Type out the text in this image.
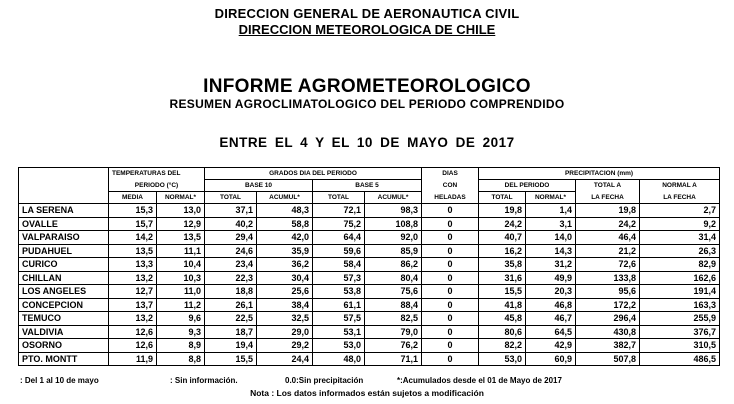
DIRECCION GENERAL DE AERONAUTICA CIVIL
DIRECCION METEOROLOGICA DE CHILE
INFORME AGROMETEOROLOGICO
RESUMEN AGROCLIMATOLOGICO DEL PERIODO COMPRENDIDO
ENTRE EL 4 Y EL 10 DE MAYO DE 2017
	TEMPERATURAS DEL		GRADOS DIA DEL PERIODO				DIAS	PRECIPITACION (mm)			
	PERIODO (°C)		BASE 10		BASE 5		CON	DEL PERIODO		TOTAL A	NORMAL A
	MEDIA	NORMAL*	TOTAL	ACUMUL*	TOTAL	ACUMUL*	HELADAS	TOTAL	NORMAL*	LA FECHA	LA FECHA
LA SERENA	15,3	13,0	37,1	48,3	72,1	98,3	0	19,8	1,4	19,8	2,7
OVALLE	15,7	12,9	40,2	58,8	75,2	108,8	0	24,2	3,1	24,2	9,2
VALPARAISO	14,2	13,5	29,4	42,0	64,4	92,0	0	40,7	14,0	46,4	31,4
PUDAHUEL	13,5	11,1	24,6	35,9	59,6	85,9	0	16,2	14,3	21,2	26,3
CURICO	13,3	10,4	23,4	36,2	58,4	86,2	0	35,8	31,2	72,6	82,9
CHILLAN	13,2	10,3	22,3	30,4	57,3	80,4	0	31,6	49,9	133,8	162,6
LOS ANGELES	12,7	11,0	18,8	25,6	53,8	75,6	0	15,5	20,3	95,6	191,4
CONCEPCION	13,7	11,2	26,1	38,4	61,1	88,4	0	41,8	46,8	172,2	163,3
TEMUCO	13,2	9,6	22,5	32,5	57,5	82,5	0	45,8	46,7	296,4	255,9
VALDIVIA	12,6	9,3	18,7	29,0	53,1	79,0	0	80,6	64,5	430,8	376,7
OSORNO	12,6	8,9	19,4	29,2	53,0	76,2	0	82,2	42,9	382,7	310,5
PTO. MONTT	11,9	8,8	15,5	24,4	48,0	71,1	0	53,0	60,9	507,8	486,5
: Del 1 al 10 de mayo	: Sin información.	0.0:Sin precipitación	*:Acumulados desde el 01 de Mayo de 2017
Nota : Los datos informados están sujetos a modificación
